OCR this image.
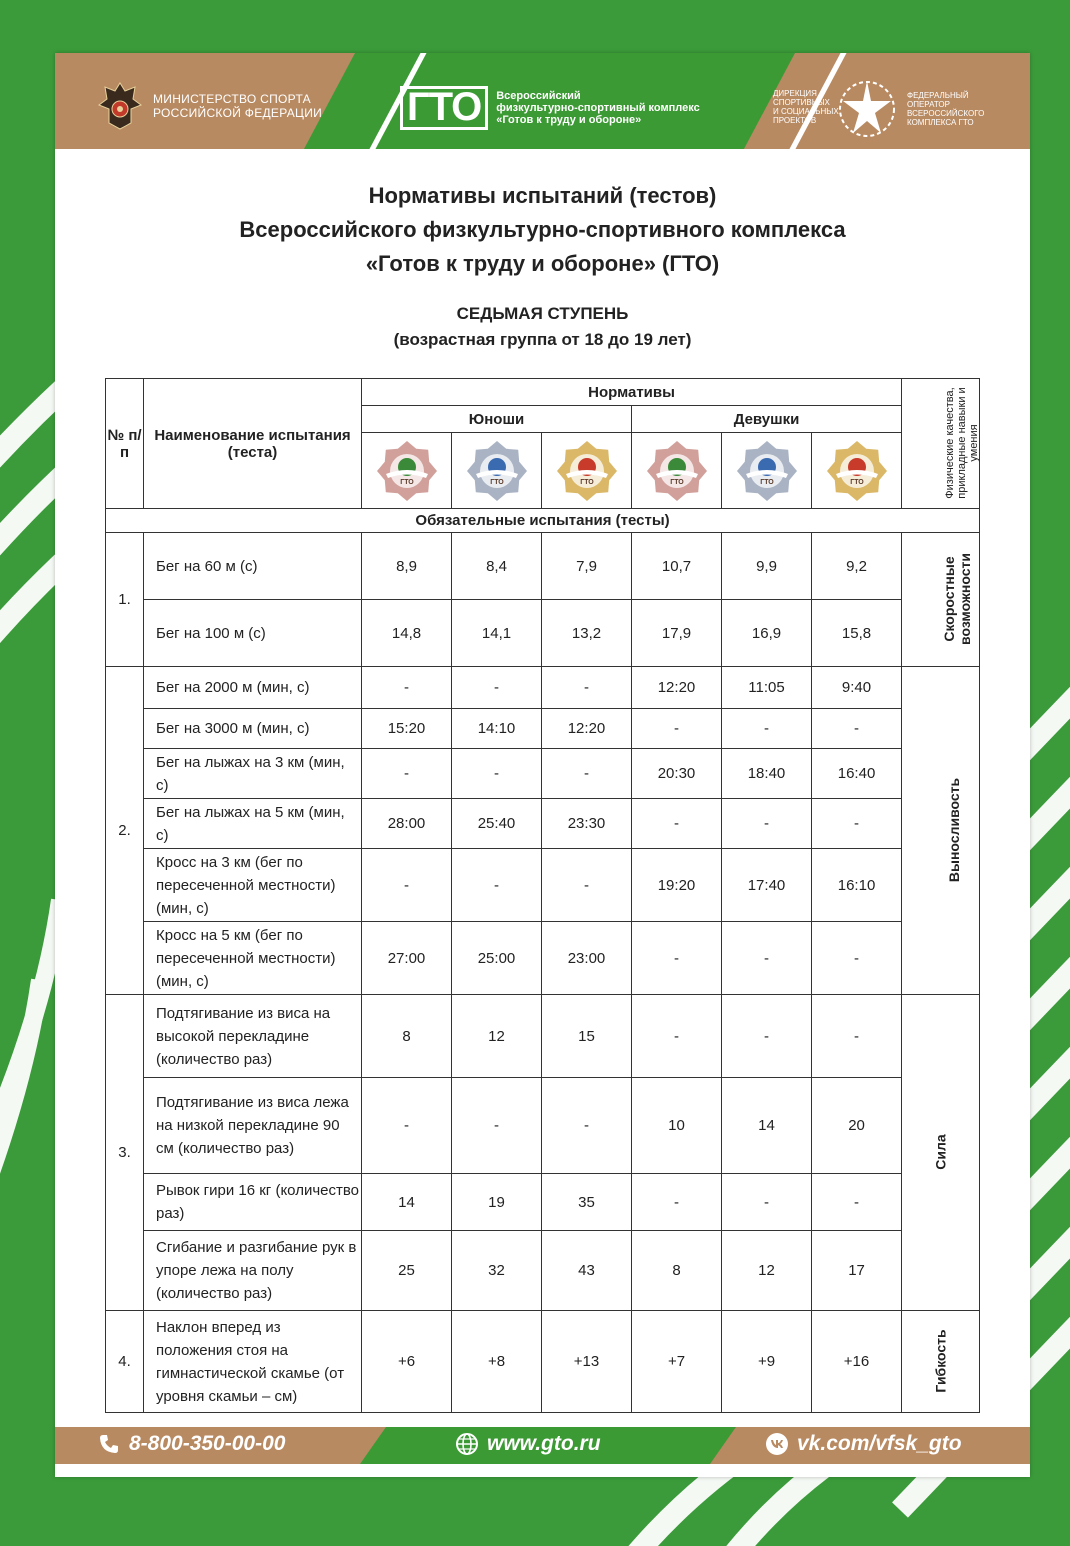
МИНИСТЕРСТВО СПОРТА
РОССИЙСКОЙ ФЕДЕРАЦИИ ГТО	Всероссийский
физкультурно-спортивный комплекс
«Готов к труду и обороне»
ДИРЕКЦИЯ
СПОРТИВНЫХ
И СОЦИАЛЬНЫХ
ПРОЕКТОВ
ФЕДЕРАЛЬНЫЙ
ОПЕРАТОР
ВСЕРОССИЙСКОГО
КОМПЛЕКСА ГТО
Нормативы испытаний (тестов)
Всероссийского физкультурно-спортивного комплекса
«Готов к труду и обороне» (ГТО)
СЕДЬМАЯ СТУПЕНЬ
(возрастная группа от 18 до 19 лет)
№ п/п	Наименование испытания (теста)	Нормативы						Физические качества, прикладные навыки и умения
		Юноши			Девушки			

ГТО	ГТО	ГТО	ГТО	ГТО	ГТО	

Обязательные испытания (тесты)								
1.	Бег на 60 м (с)	8,9	8,4	7,9	10,7	9,9	9,2	Скоростные возможности
	Бег на 100 м (с)	14,8	14,1	13,2	17,9	16,9	15,8	
2.	Бег на 2000 м (мин, с)	-	-	-	12:20	11:05	9:40	Выносливость
	Бег на 3000 м (мин, с)	15:20	14:10	12:20	-	-	-	
	Бег на лыжах на 3 км (мин, с)	-	-	-	20:30	18:40	16:40	
	Бег на лыжах на 5 км (мин, с)	28:00	25:40	23:30	-	-	-	
	Кросс на 3 км (бег по пересеченной местности) (мин, с)	-	-	-	19:20	17:40	16:10	
	Кросс на 5 км (бег по пересеченной местности) (мин, с)	27:00	25:00	23:00	-	-	-	
3.	Подтягивание из виса на высокой перекладине (количество раз)	8	12	15	-	-	-	Сила
	Подтягивание из виса лежа на низкой перекладине 90 см (количество раз)	-	-	-	10	14	20	
	Рывок гири 16 кг (количество раз)	14	19	35	-	-	-	
	Сгибание и разгибание рук в упоре лежа на полу (количество раз)	25	32	43	8	12	17	
4.	Наклон вперед из положения стоя на гимнастической скамье (от уровня скамьи – см)	+6	+8	+13	+7	+9	+16	Гибкость
8-800-350-00-00	www.gto.ru	vk.com/vfsk_gto
